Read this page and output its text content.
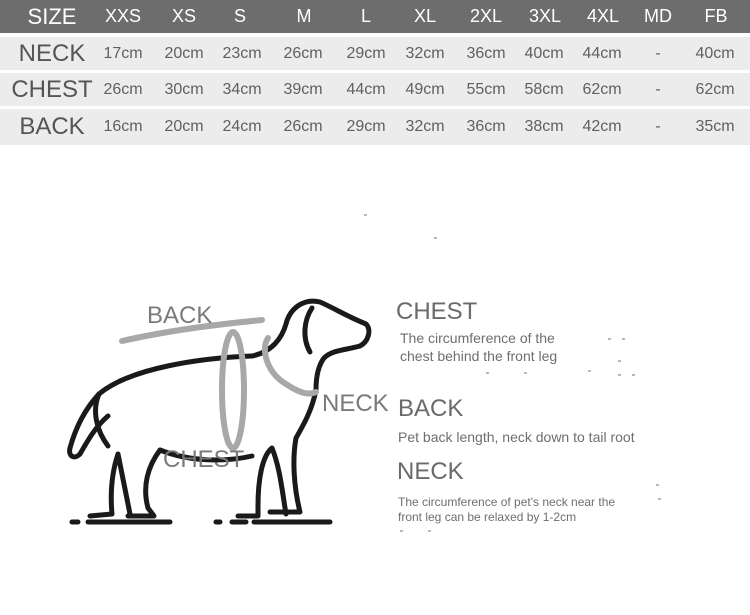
SIZE	XXS	XS	S	M	L	XL	2XL	3XL	4XL	MD	FB
NECK	17cm	20cm	23cm	26cm	29cm	32cm	36cm	40cm	44cm	-	40cm
CHEST 26cm	30cm	34cm	39cm	44cm	49cm	55cm	58cm	62cm	-	62cm
BACK	16cm	20cm	24cm	26cm	29cm	32cm	36cm	38cm	42cm	-	35cm
BACK
CHEST
NECK
CHEST
The circumference of the
chest behind the front leg
BACK
Pet back length, neck down to tail root
NECK
The circumference of pet's neck near the
front leg can be relaxed by 1-2cm
